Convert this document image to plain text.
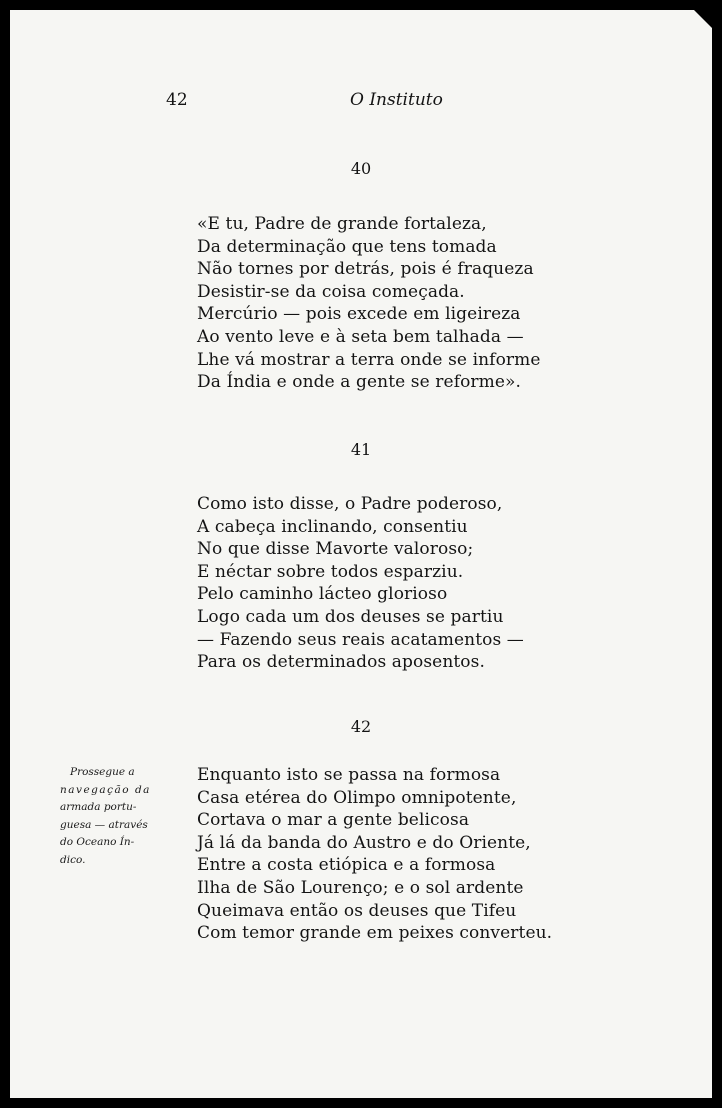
42	O Instituto
40
«E tu, Padre de grande fortaleza,
Da determinação que tens tomada
Não tornes por detrás, pois é fraqueza
Desistir-se da coisa começada.
Mercúrio — pois excede em ligeireza
Ao vento leve e à seta bem talhada —
Lhe vá mostrar a terra onde se informe
Da Índia e onde a gente se reforme».
41
Como isto disse, o Padre poderoso,
A cabeça inclinando, consentiu
No que disse Mavorte valoroso;
E néctar sobre todos esparziu.
Pelo caminho lácteo glorioso
Logo cada um dos deuses se partiu
— Fazendo seus reais acatamentos —
Para os determinados aposentos.
42
Enquanto isto se passa na formosa
Casa etérea do Olimpo omnipotente,
Cortava o mar a gente belicosa
Já lá da banda do Austro e do Oriente,
Entre a costa etiópica e a formosa
Ilha de São Lourenço; e o sol ardente
Queimava então os deuses que Tifeu
Com temor grande em peixes converteu.
Prossegue a
navegação da
armada portu-
guesa — através
do Oceano Ín-
dico.
